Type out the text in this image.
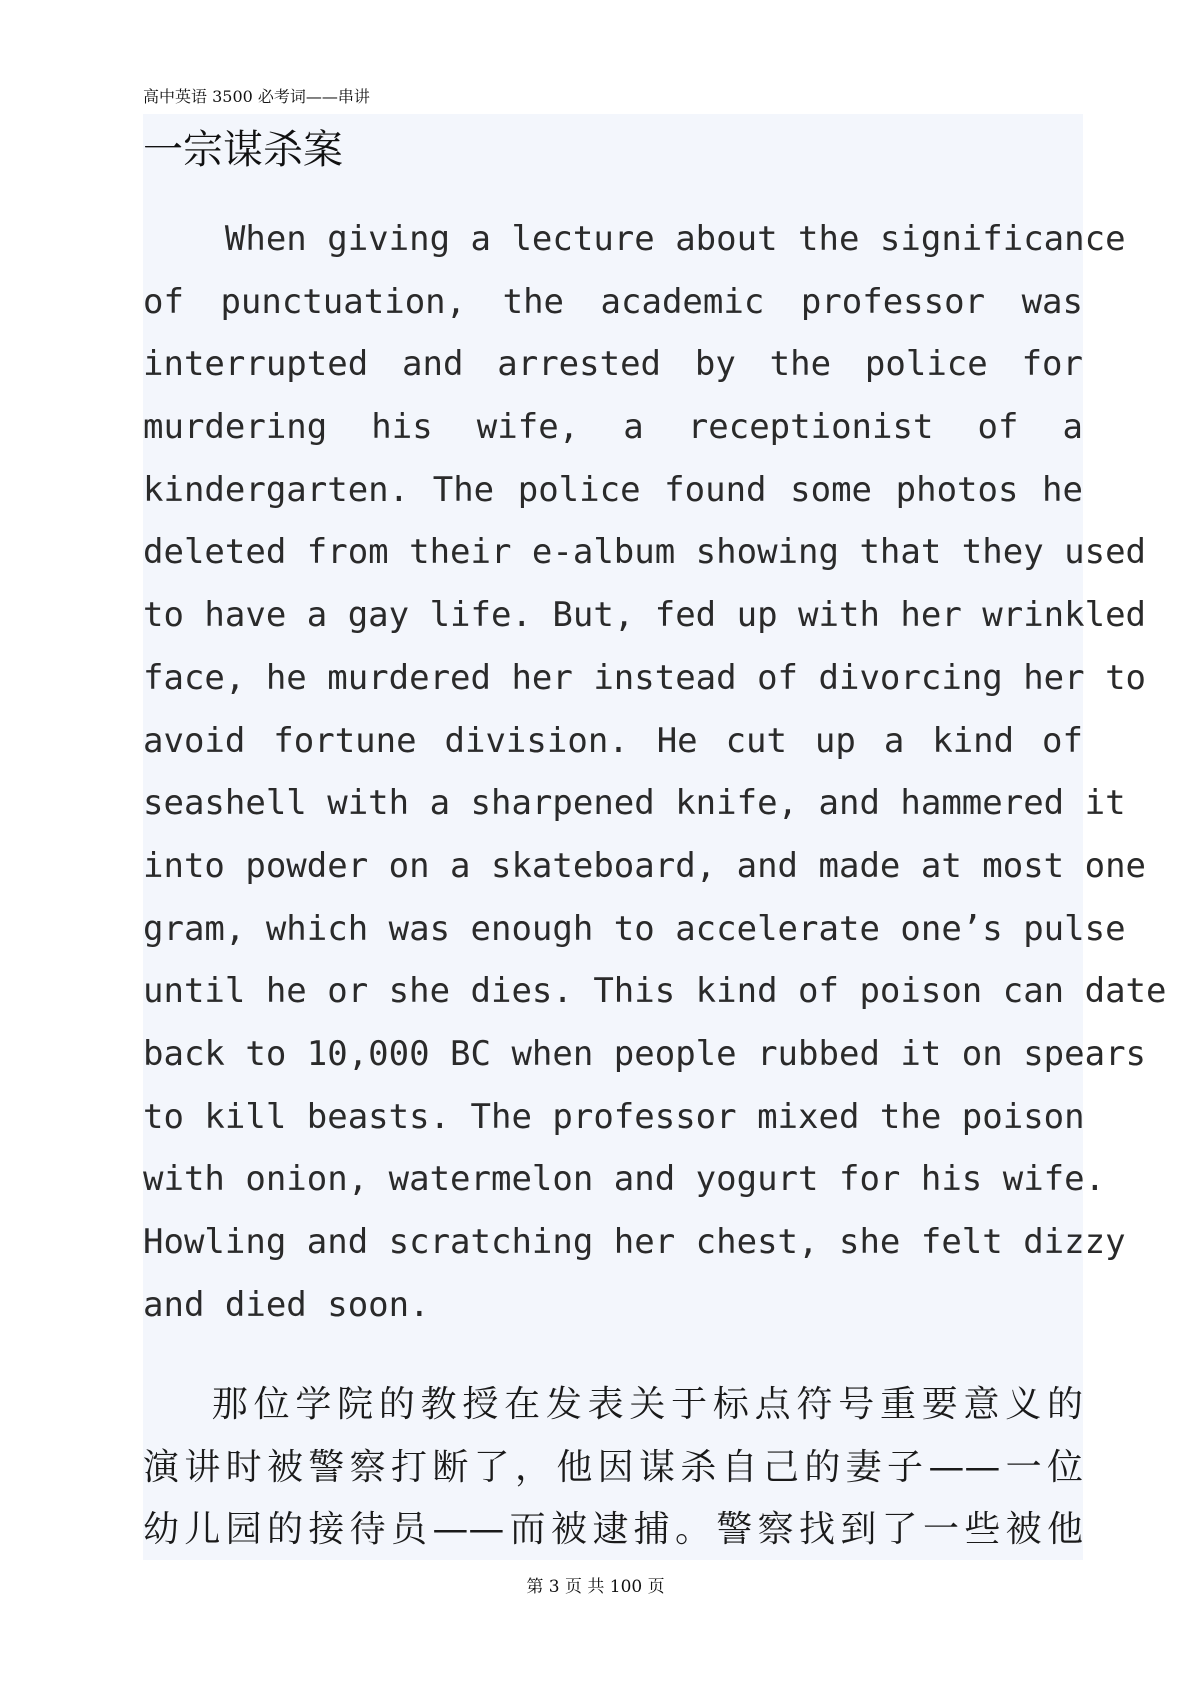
高中英语 3500 必考词——串讲
一宗谋杀案
When giving a lecture about the significance
of punctuation, the academic professor was
interrupted and arrested by the police for
murdering his wife, a receptionist of a
kindergarten. The police found some photos he
deleted from their e-album showing that they used
to have a gay life. But, fed up with her wrinkled
face, he murdered her instead of divorcing her to
avoid fortune division. He cut up a kind of
seashell with a sharpened knife, and hammered it
into powder on a skateboard, and made at most one
gram, which was enough to accelerate one’s pulse
until he or she dies. This kind of poison can date
back to 10,000 BC when people rubbed it on spears
to kill beasts. The professor mixed the poison
with onion, watermelon and yogurt for his wife.
Howling and scratching her chest, she felt dizzy
and died soon.
那位学院的教授在发表关于标点符号重要意义的
演讲时被警察打断了，他因谋杀自己的妻子——一位
幼儿园的接待员——而被逮捕。警察找到了一些被他
第 3 页 共 100 页
